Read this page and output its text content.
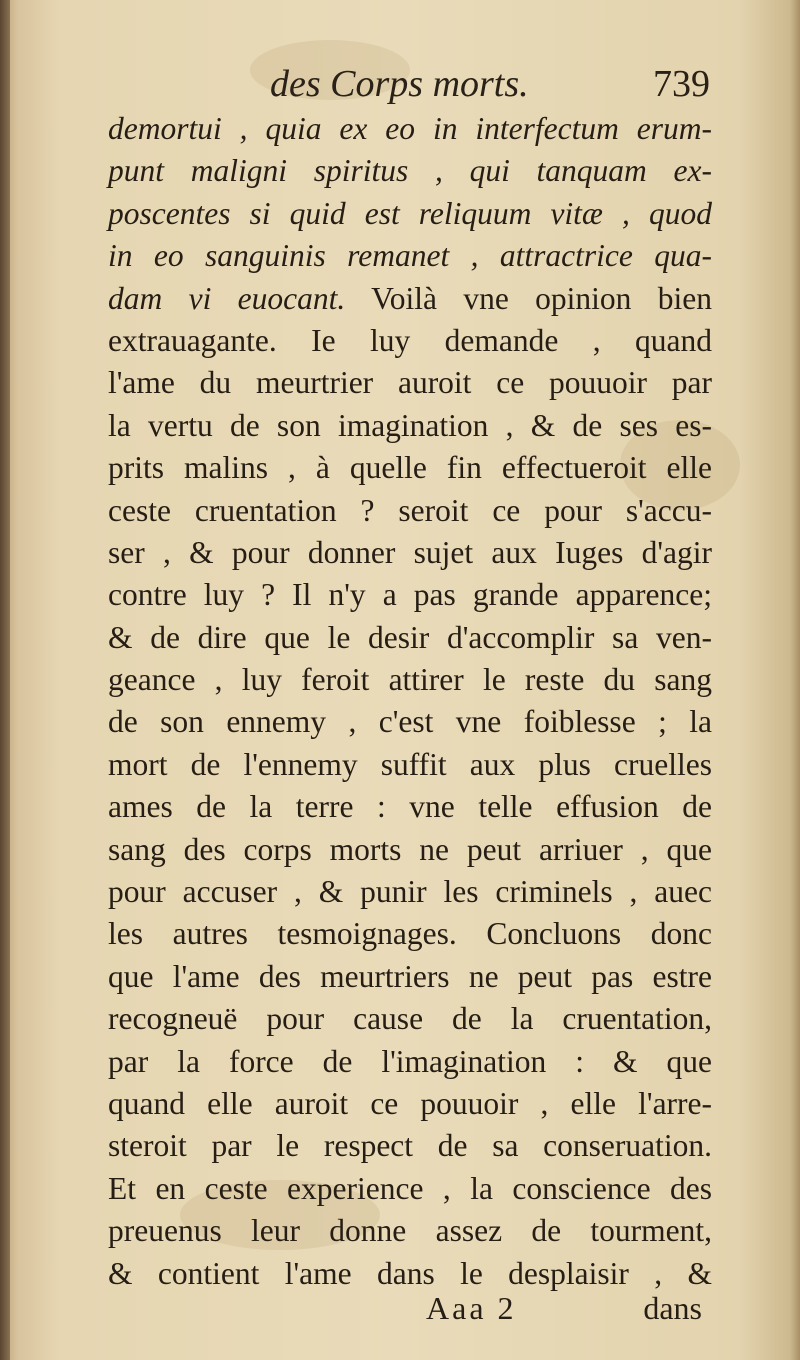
des Corps morts.	739
demortui , quia ex eo in interfectum erum-
punt maligni spiritus , qui tanquam ex-
poscentes si quid est reliquum vitæ , quod
in eo sanguinis remanet , attractrice qua-
dam vi euocant. Voilà vne opinion bien
extrauagante. Ie luy demande , quand
l'ame du meurtrier auroit ce pouuoir par
la vertu de son imagination , & de ses es-
prits malins , à quelle fin effectueroit elle
ceste cruentation ? seroit ce pour s'accu-
ser , & pour donner sujet aux Iuges d'agir
contre luy ? Il n'y a pas grande apparence;
& de dire que le desir d'accomplir sa ven-
geance , luy feroit attirer le reste du sang
de son ennemy , c'est vne foiblesse ; la
mort de l'ennemy suffit aux plus cruelles
ames de la terre : vne telle effusion de
sang des corps morts ne peut arriuer , que
pour accuser , & punir les criminels , auec
les autres tesmoignages. Concluons donc
que l'ame des meurtriers ne peut pas estre
recogneuë pour cause de la cruentation,
par la force de l'imagination : & que
quand elle auroit ce pouuoir , elle l'arre-
steroit par le respect de sa conseruation.
Et en ceste experience , la conscience des
preuenus leur donne assez de tourment,
& contient l'ame dans le desplaisir , &
Aaa 2	dans
